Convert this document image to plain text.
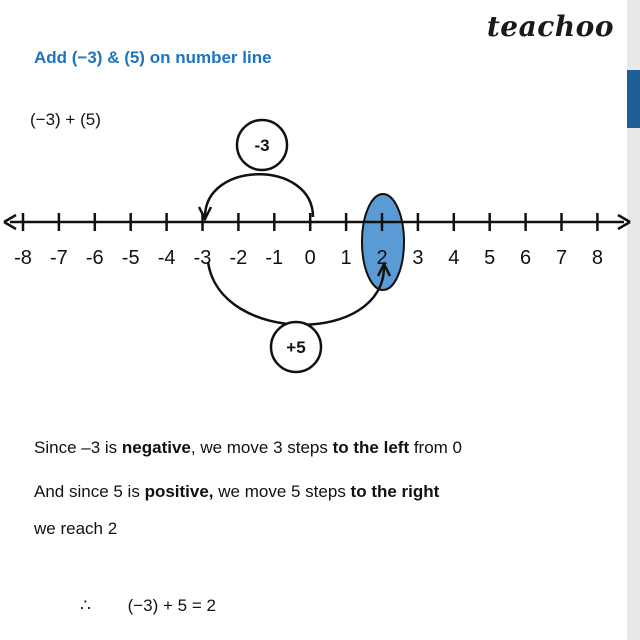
teachoo
Add (−3) & (5) on number line
(−3) + (5)
-8 -7 -6 -5 -4 -3 -2 -1 0 1 2 3 4 5 6 7 8
-3
+5
Since –3 is negative, we move 3 steps to the left from 0
And since 5 is positive, we move 5 steps to the right
we reach 2
∴ (−3) + 5 = 2
